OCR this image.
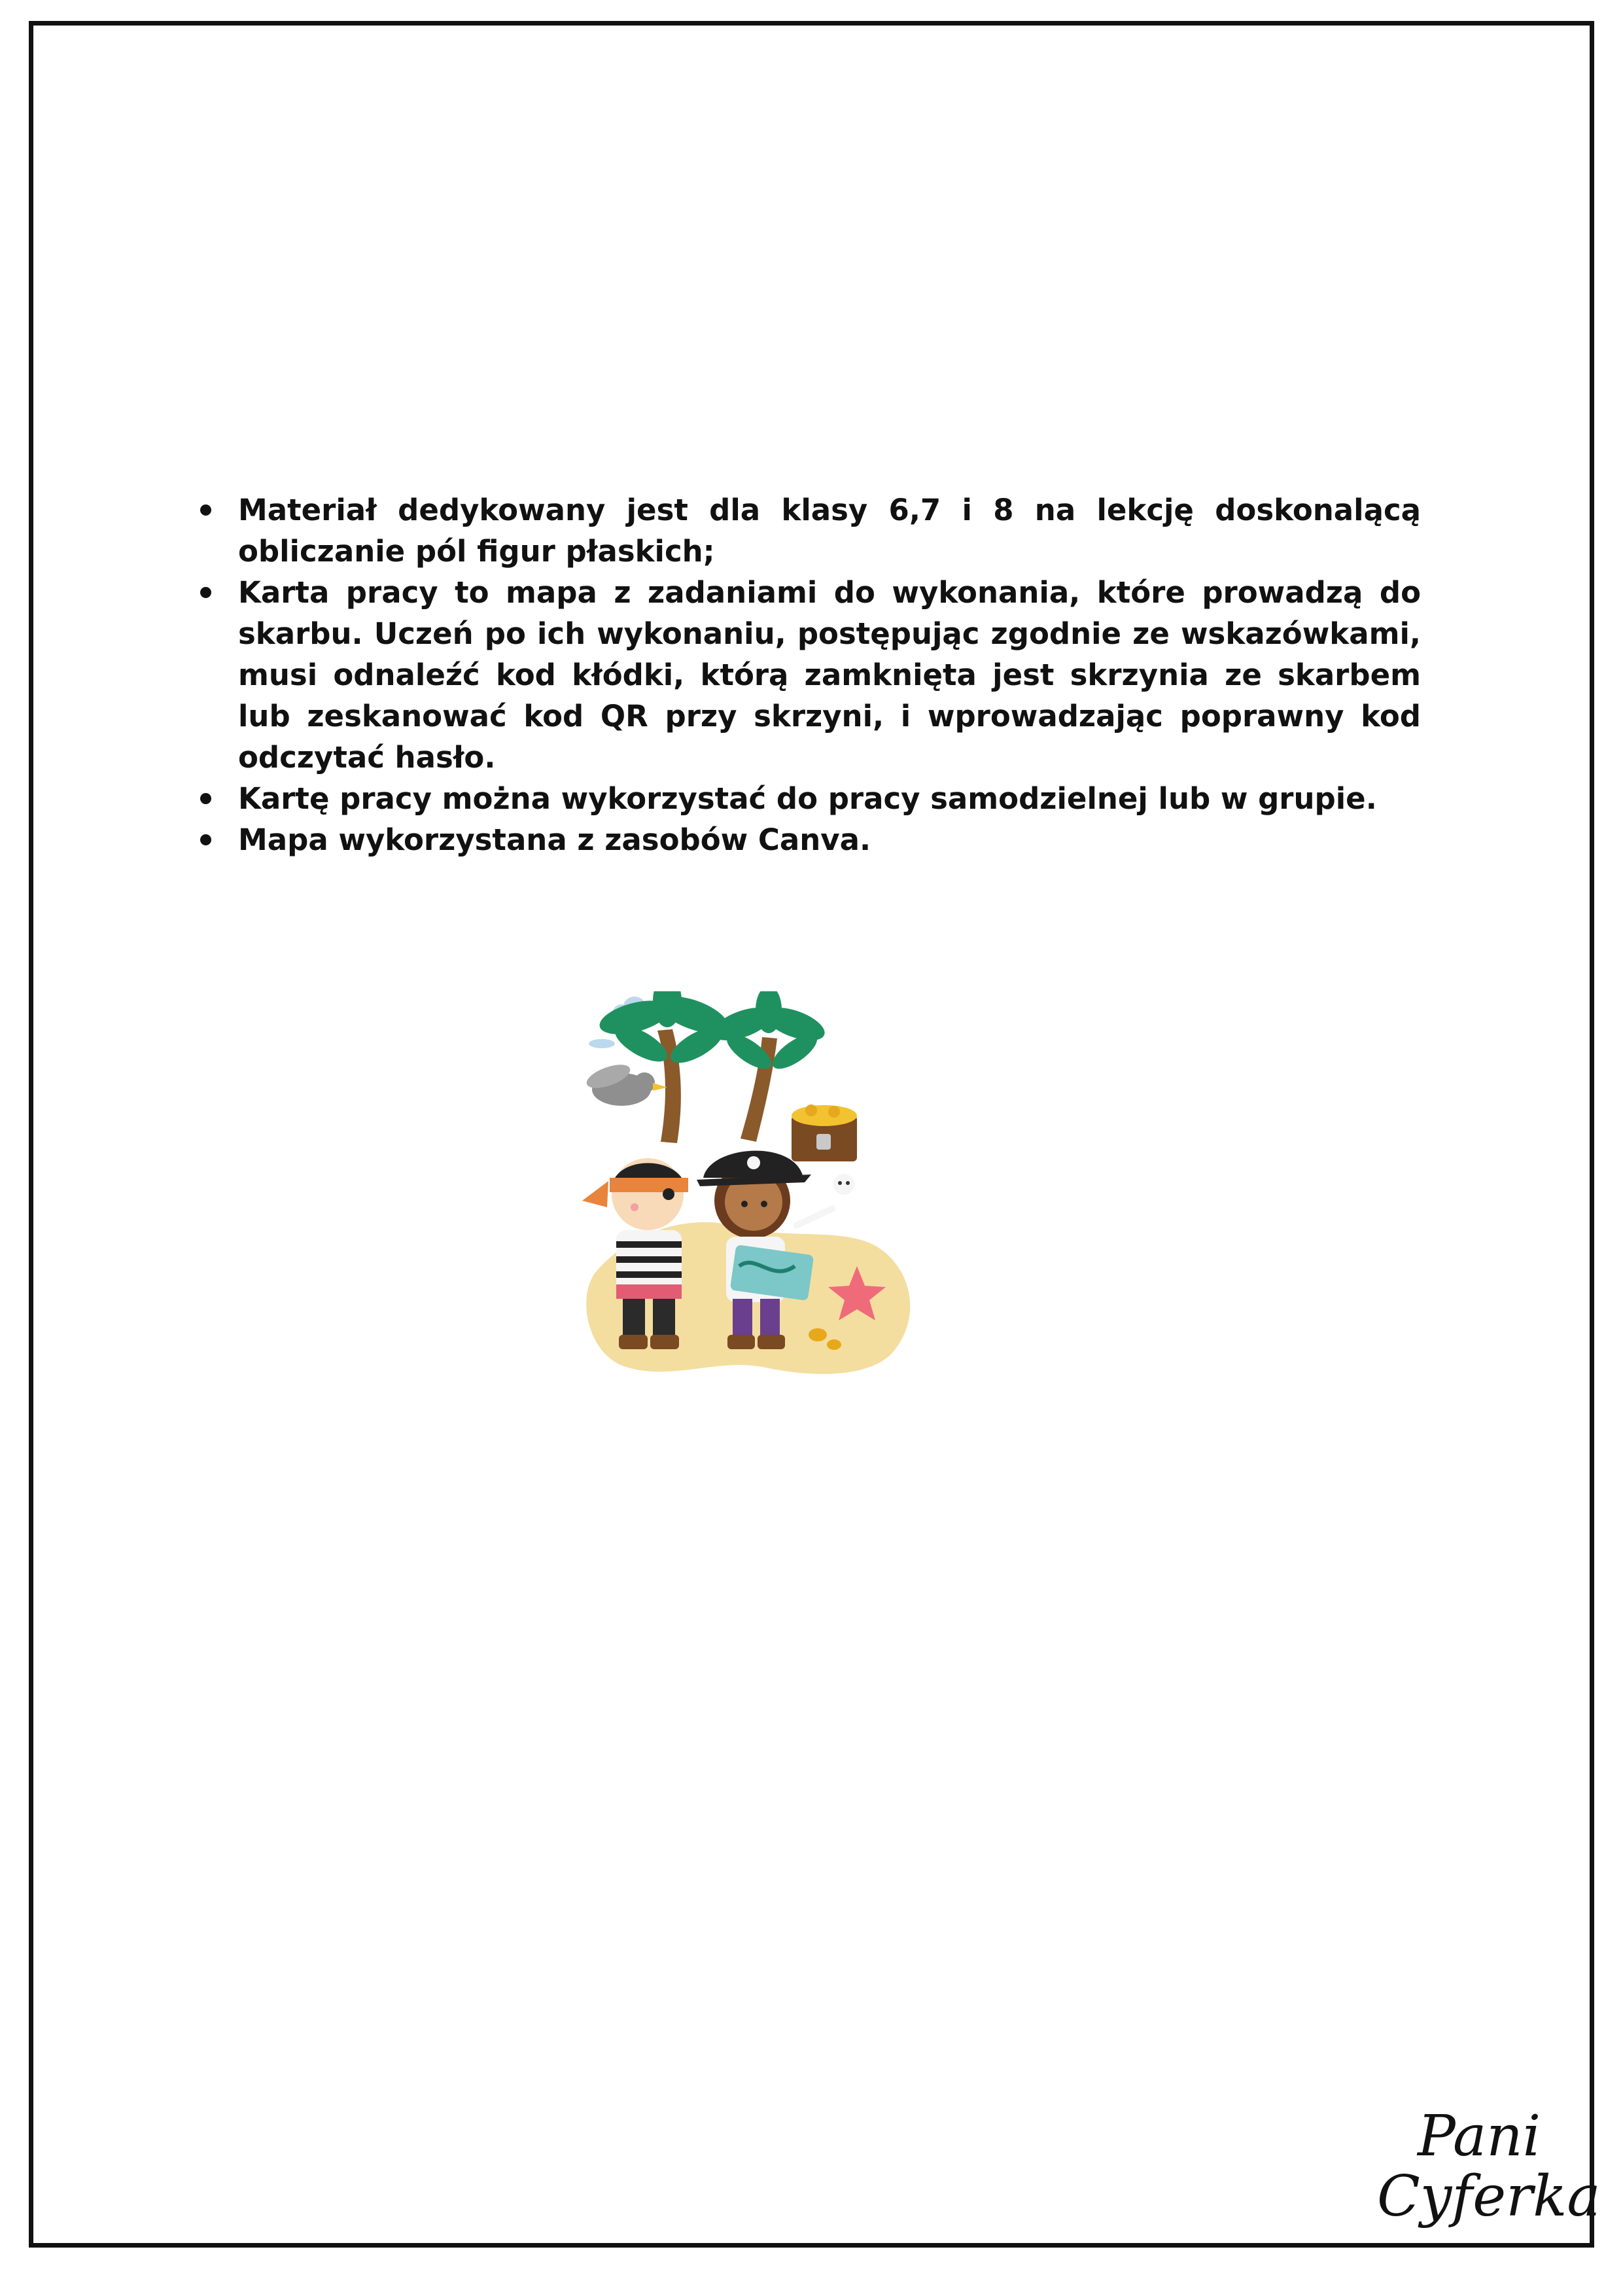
Materiał dedykowany jest dla klasy 6,7 i 8 na lekcję doskonalącą obliczanie pól figur płaskich;
Karta pracy to mapa z zadaniami do wykonania, które prowadzą do skarbu. Uczeń po ich wykonaniu, postępując zgodnie ze wskazówkami, musi odnaleźć kod kłódki, którą zamknięta jest skrzynia ze skarbem lub zeskanować kod QR przy skrzyni, i wprowadzając poprawny kod odczytać hasło.
Kartę pracy można wykorzystać do pracy samodzielnej lub w grupie.
Mapa wykorzystana z zasobów Canva.
Pani
Cyferka
